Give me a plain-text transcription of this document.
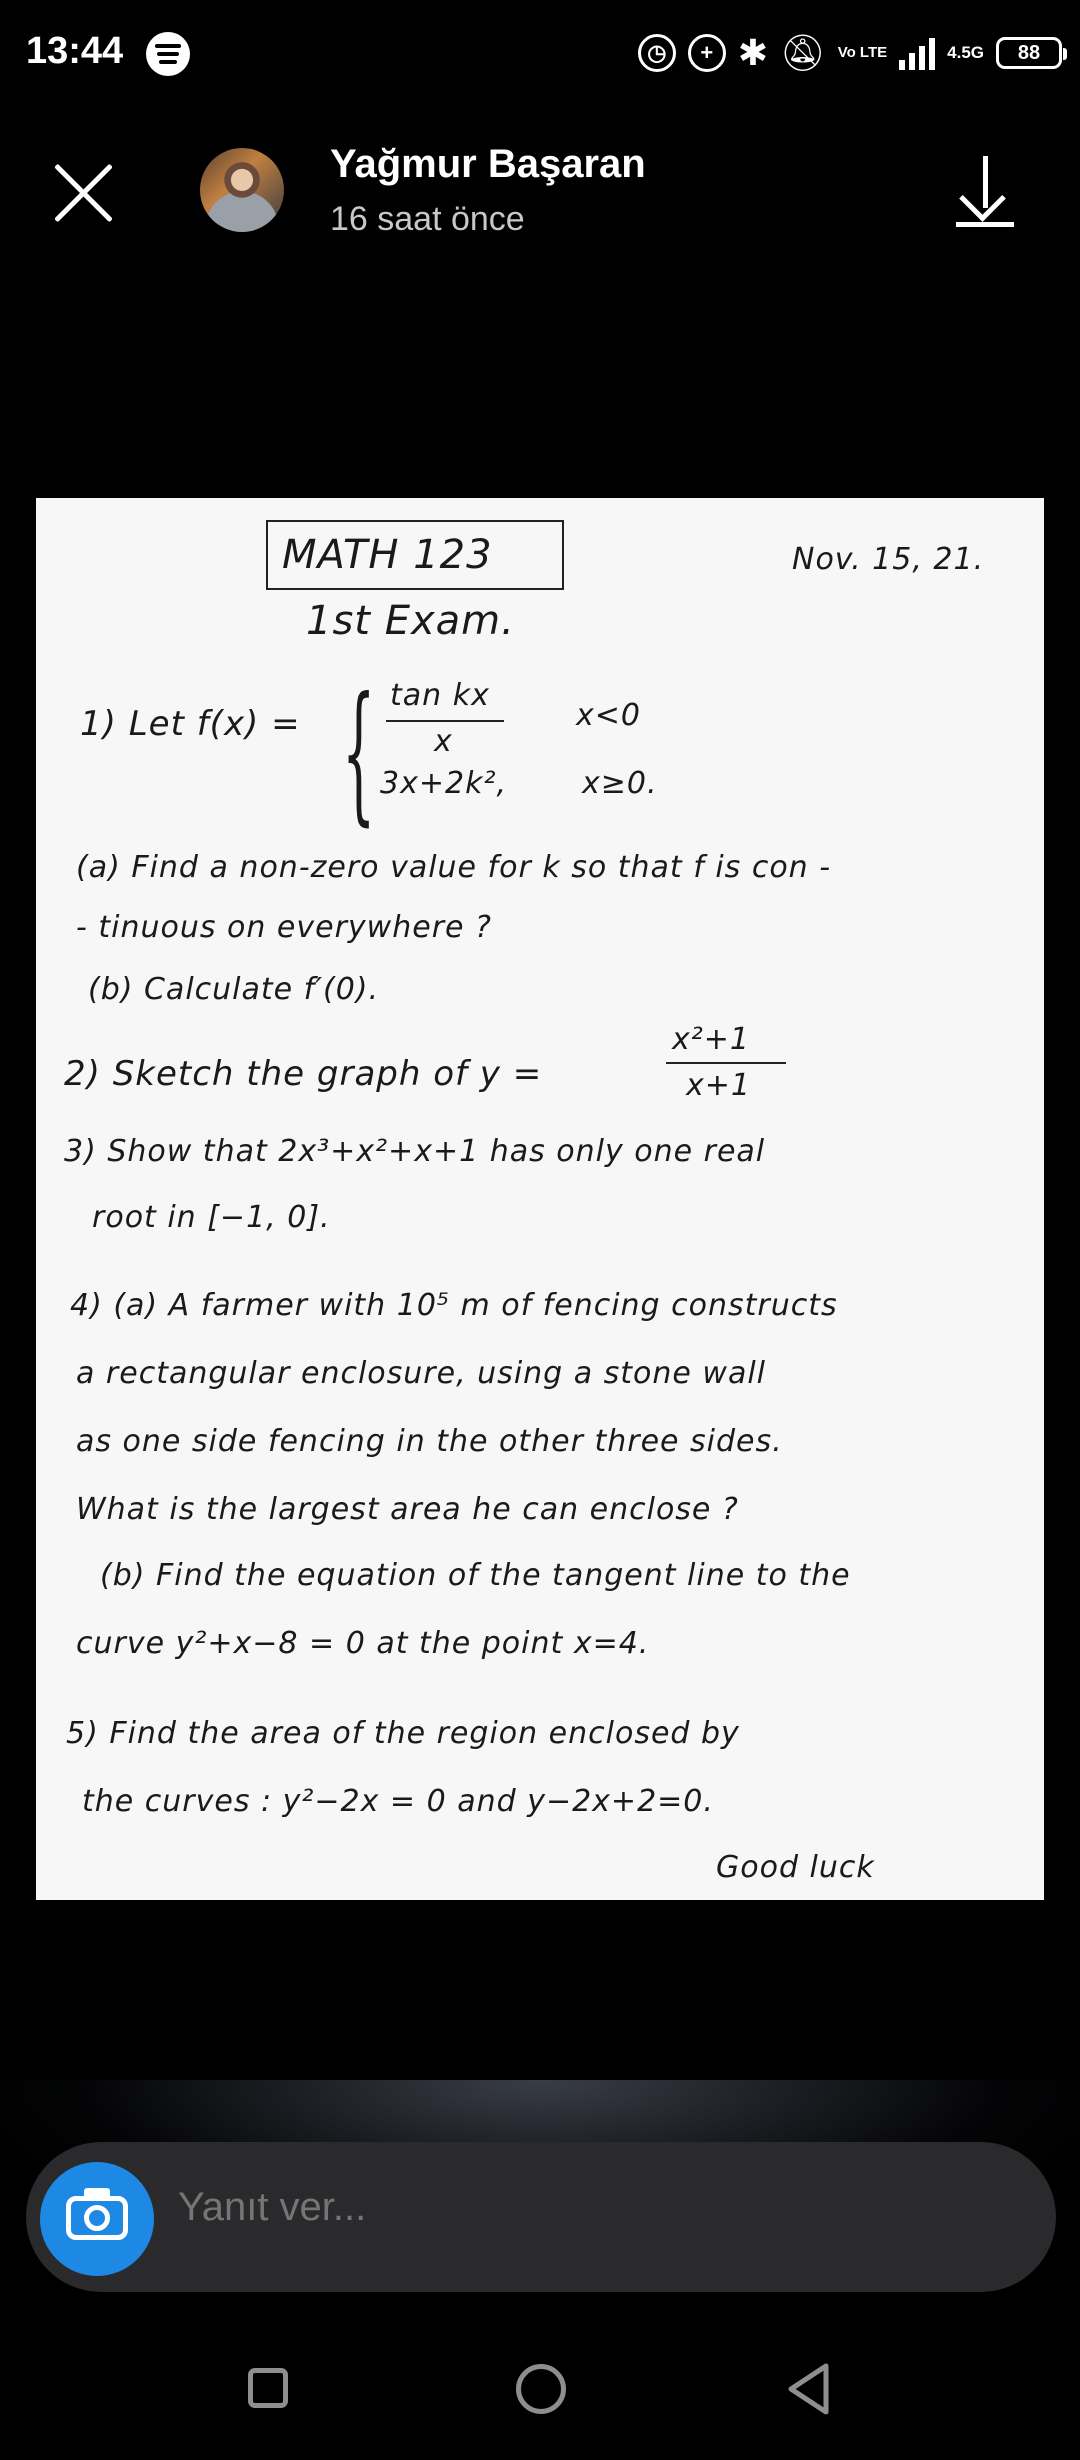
13:44	◷	+ ✱ 🔕︎ Vo LTE	4.5G	88
Yağmur Başaran
16 saat önce
MATH 123
1st Exam.
Nov. 15, 21.
1) Let f(x) = { tan kx
x
x<0
3x+2k²,	x≥0.
(a) Find a non-zero value for k so that f is con -
- tinuous on everywhere ?
(b) Calculate f′(0).
2) Sketch the graph of y =
x²+1
x+1
3) Show that 2x³+x²+x+1 has only one real
root in [−1, 0].
4) (a) A farmer with 10⁵ m of fencing constructs
a rectangular enclosure, using a stone wall
as one side fencing in the other three sides.
What is the largest area he can enclose ?
(b) Find the equation of the tangent line to the
curve y²+x−8 = 0 at the point x=4.
5) Find the area of the region enclosed by
the curves : y²−2x = 0 and y−2x+2=0.
Good luck
Yanıt ver...
